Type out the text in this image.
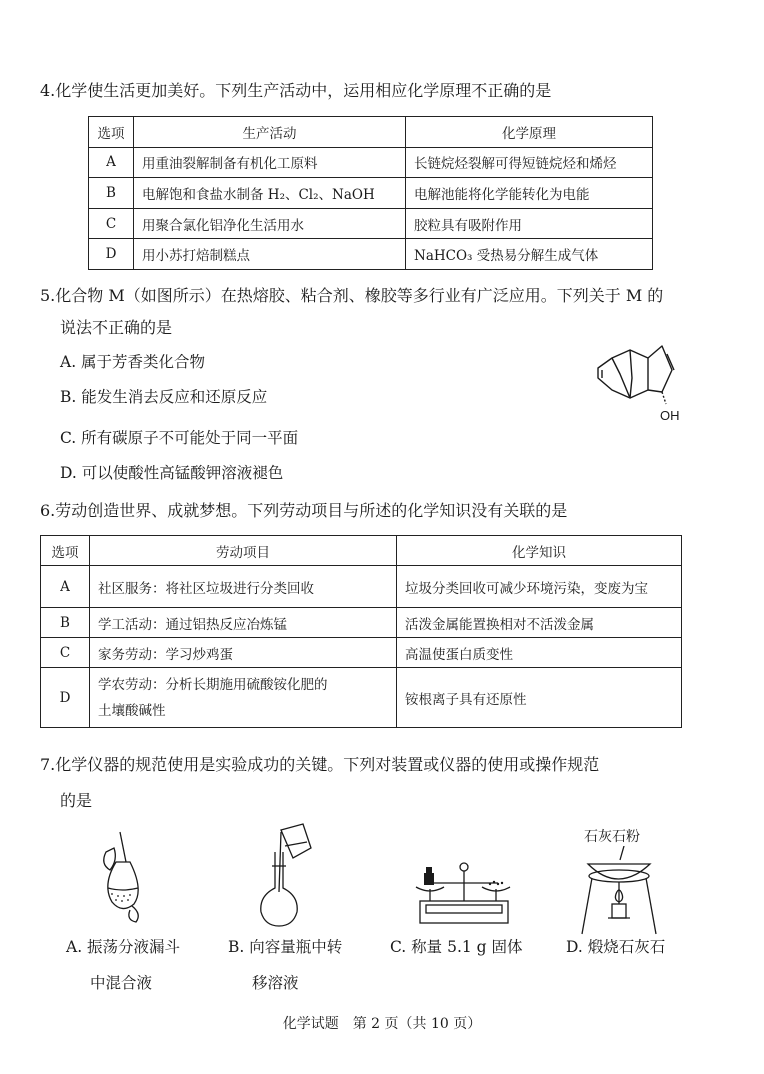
4.化学使生活更加美好。下列生产活动中，运用相应化学原理不正确的是
选项	生产活动	化学原理
A	用重油裂解制备有机化工原料	长链烷烃裂解可得短链烷烃和烯烃
B	电解饱和食盐水制备 H₂、Cl₂、NaOH	电解池能将化学能转化为电能
C	用聚合氯化铝净化生活用水	胶粒具有吸附作用
D	用小苏打焙制糕点	NaHCO₃ 受热易分解生成气体
5.化合物 M（如图所示）在热熔胶、粘合剂、橡胶等多行业有广泛应用。下列关于 M 的
说法不正确的是
A. 属于芳香类化合物
B. 能发生消去反应和还原反应
C. 所有碳原子不可能处于同一平面
D. 可以使酸性高锰酸钾溶液褪色
OH
6.劳动创造世界、成就梦想。下列劳动项目与所述的化学知识没有关联的是
选项	劳动项目	化学知识
A	社区服务：将社区垃圾进行分类回收	垃圾分类回收可减少环境污染，变废为宝
B	学工活动：通过铝热反应冶炼锰	活泼金属能置换相对不活泼金属
C	家务劳动：学习炒鸡蛋	高温使蛋白质变性
D	学农劳动：分析长期施用硫酸铵化肥的
土壤酸碱性	铵根离子具有还原性
7.化学仪器的规范使用是实验成功的关键。下列对装置或仪器的使用或操作规范
的是
石灰石粉
A. 振荡分液漏斗
中混合液
B. 向容量瓶中转
移溶液
C. 称量 5.1 g 固体	D. 煅烧石灰石
化学试题　第 2 页（共 10 页）
